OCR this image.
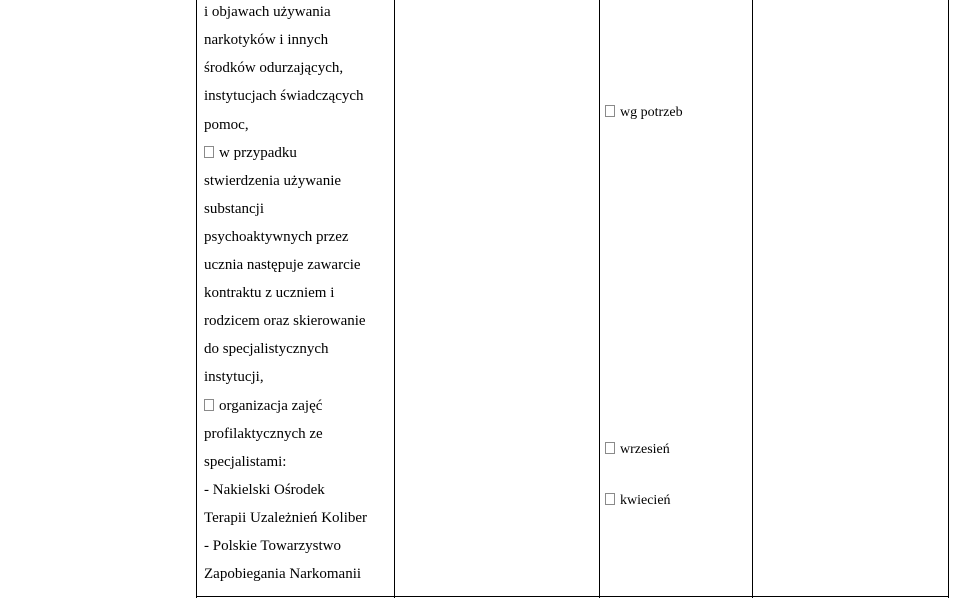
i objawach używania
narkotyków i innych
środków odurzających,
instytucjach świadczących
pomoc,
w przypadku
stwierdzenia używanie
substancji
psychoaktywnych przez
ucznia następuje zawarcie
kontraktu z uczniem i
rodzicem oraz skierowanie
do specjalistycznych
instytucji,
organizacja zajęć
profilaktycznych ze
specjalistami:
- Nakielski Ośrodek
Terapii Uzależnień Koliber
- Polskie Towarzystwo
Zapobiegania Narkomanii
wg potrzeb
wrzesień
kwiecień
